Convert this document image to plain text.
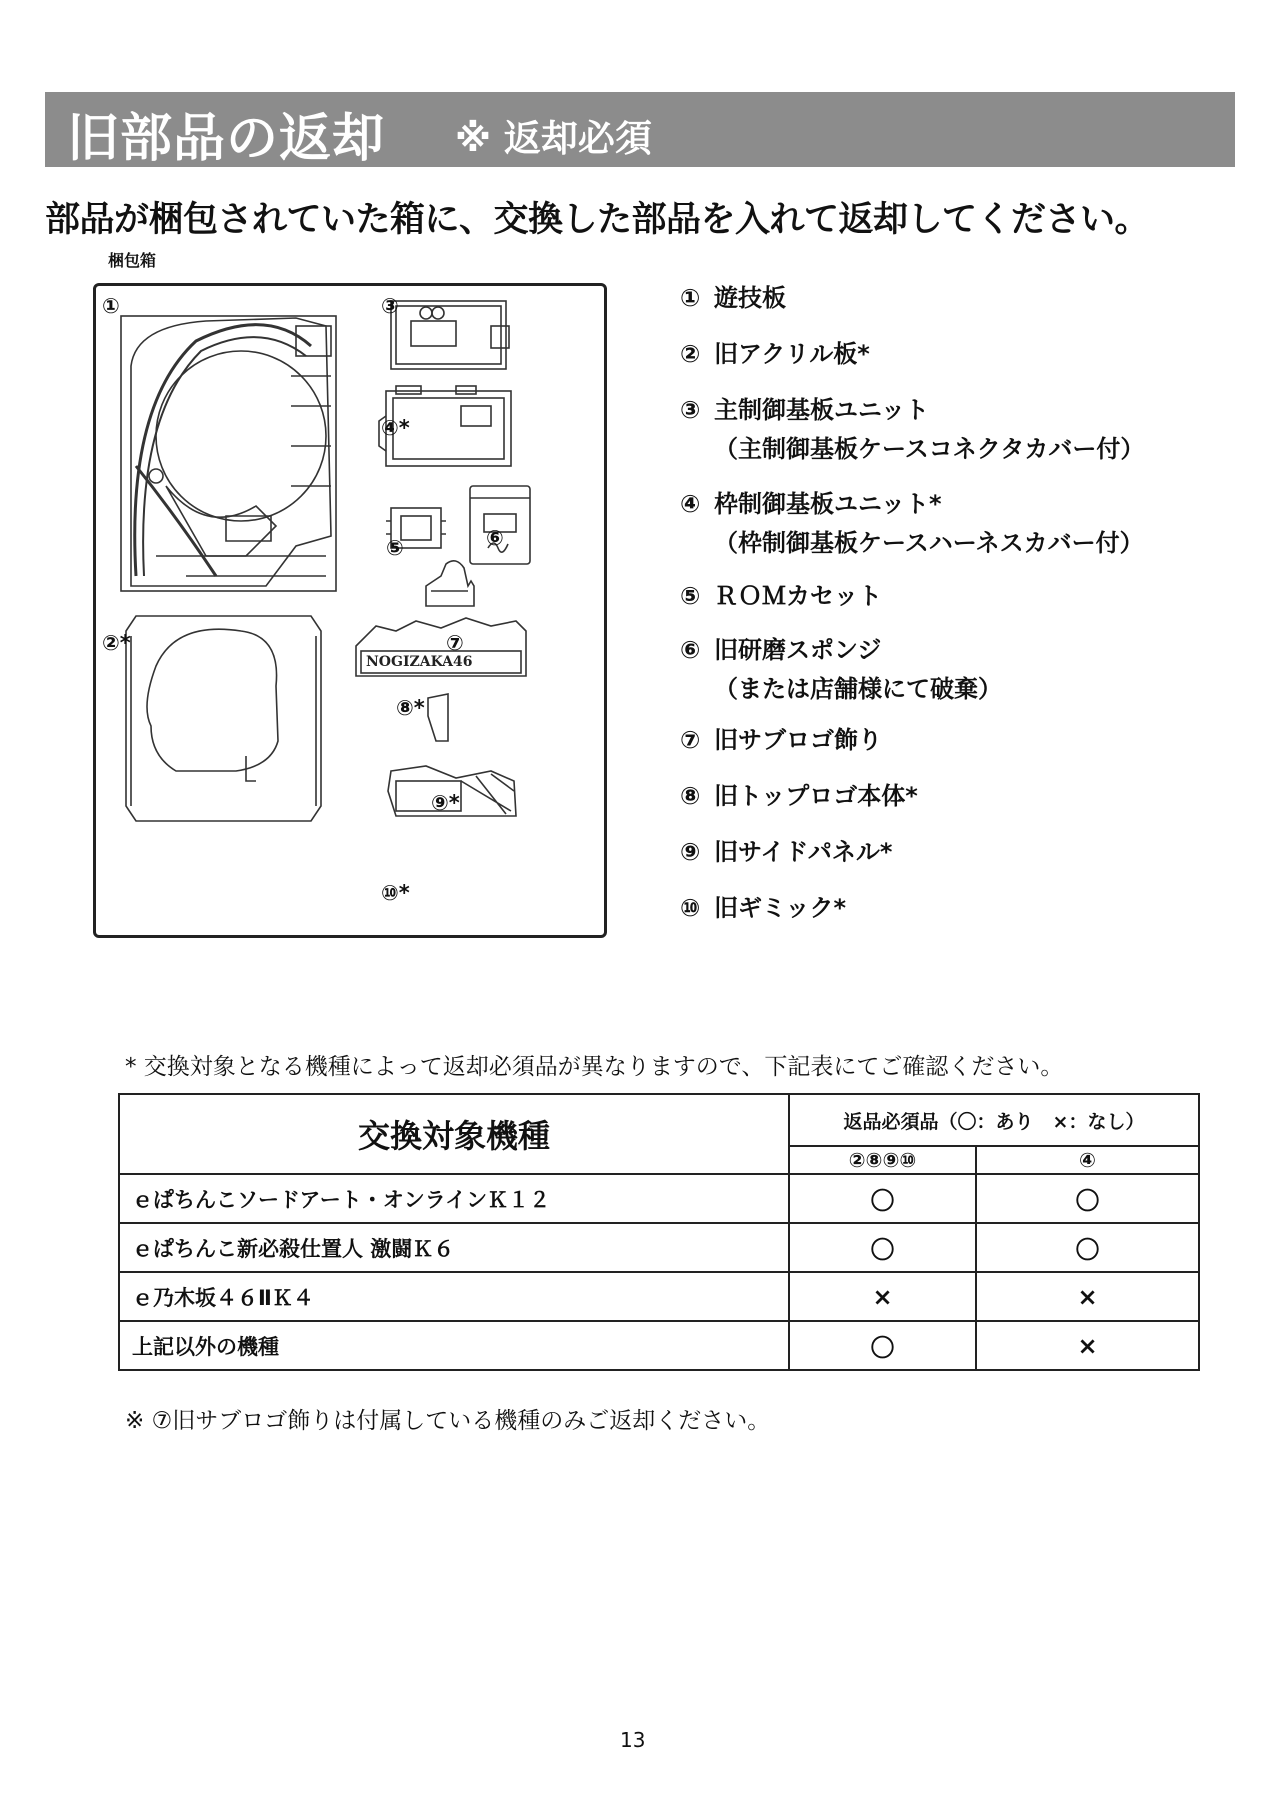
旧部品の返却 ※ 返却必須
部品が梱包されていた箱に、交換した部品を入れて返却してください。
梱包箱
NOGIZAKA46
①
②*
③
④*
⑤	⑥
⑦
⑧*
⑨*
⑩*
① 遊技板
② 旧アクリル板*
③ 主制御基板ユニット
（主制御基板ケースコネクタカバー付）
④ 枠制御基板ユニット*
（枠制御基板ケースハーネスカバー付）
⑤ ＲＯＭカセット
⑥ 旧研磨スポンジ
（または店舗様にて破棄）
⑦ 旧サブロゴ飾り
⑧ 旧トップロゴ本体*
⑨ 旧サイドパネル*
⑩ 旧ギミック*
* 交換対象となる機種によって返却必須品が異なりますので、下記表にてご確認ください。
交換対象機種	返品必須品（〇：あり　×：なし）	
	②⑧⑨⑩	④
ｅぱちんこソードアート・オンラインＫ１２	〇	〇
ｅぱちんこ新必殺仕置人 激闘Ｋ６	〇	〇
ｅ乃木坂４６ⅡＫ４	×	×
上記以外の機種	〇	×
※ ⑦旧サブロゴ飾りは付属している機種のみご返却ください。
13
